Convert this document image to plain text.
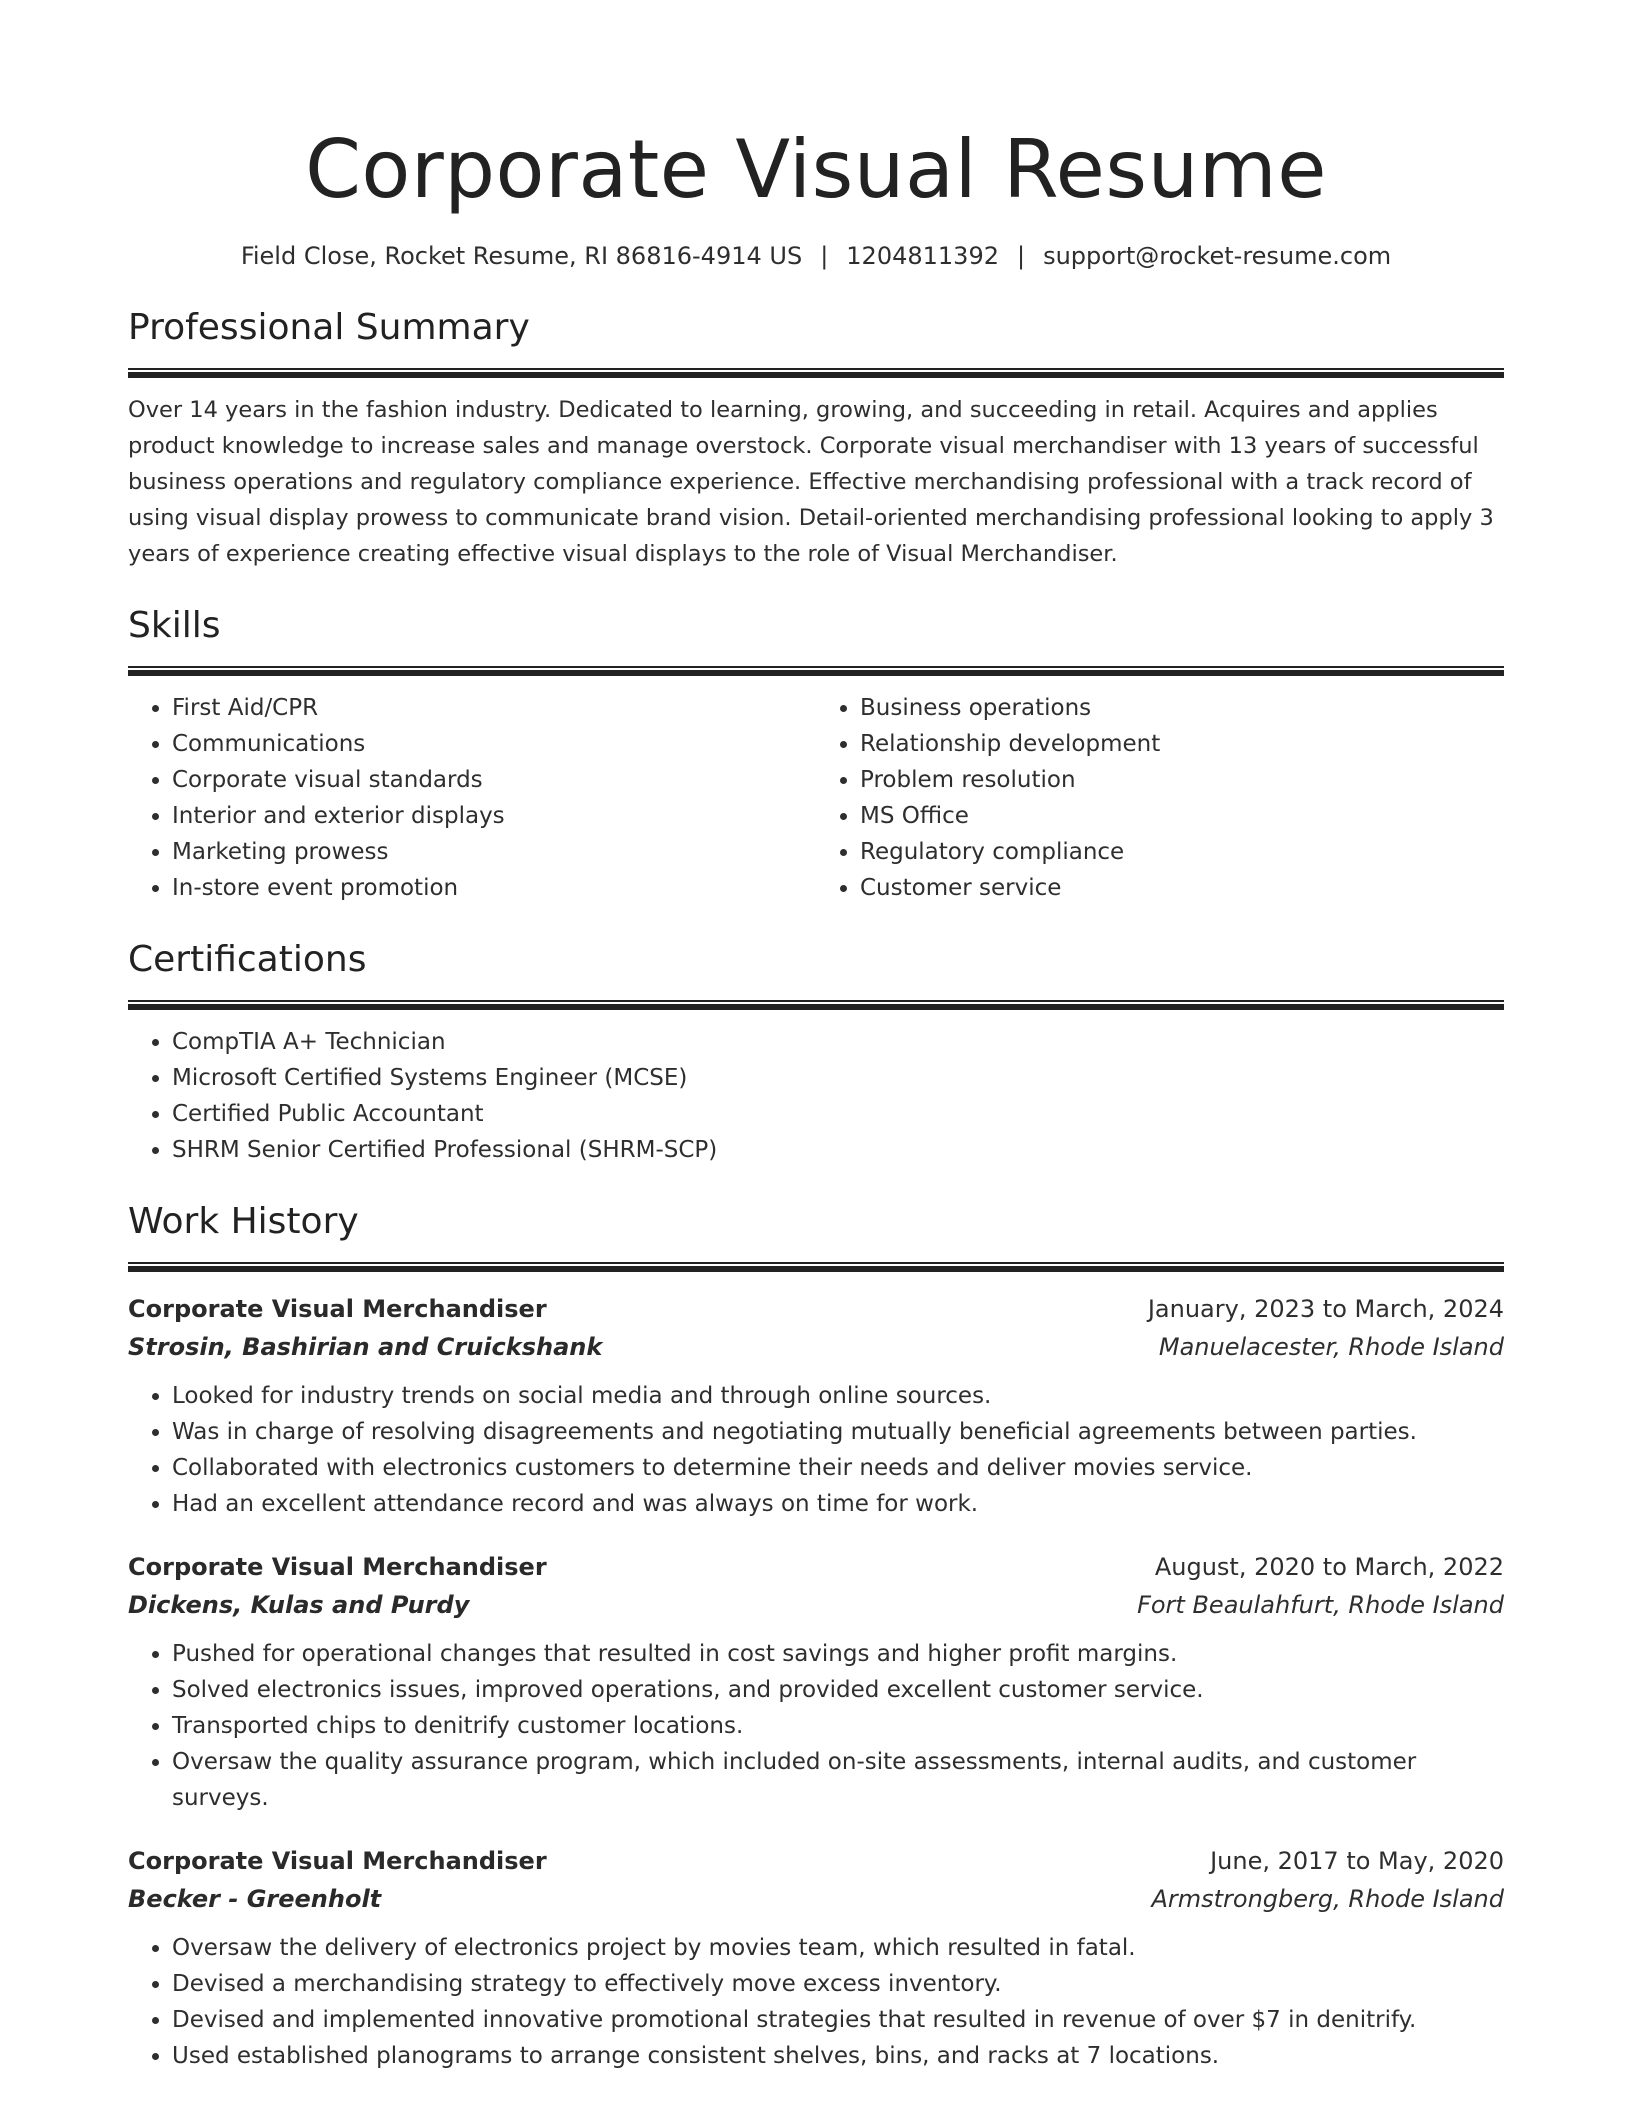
Corporate Visual Resume
Field Close, Rocket Resume, RI 86816-4914 US | 1204811392 | support@rocket-resume.com
Professional Summary

Over 14 years in the fashion industry. Dedicated to learning, growing, and succeeding in retail. Acquires and applies product knowledge to increase sales and manage overstock. Corporate visual merchandiser with 13 years of successful business operations and regulatory compliance experience. Effective merchandising professional with a track record of using visual display prowess to communicate brand vision. Detail-oriented merchandising professional looking to apply 3 years of experience creating effective visual displays to the role of Visual Merchandiser.

Skills
• First Aid/CPR
• Communications
• Corporate visual standards
• Interior and exterior displays
• Marketing prowess
• In-store event promotion
• Business operations
• Relationship development
• Problem resolution
• MS Office
• Regulatory compliance
• Customer service
Certifications
• CompTIA A+ Technician
• Microsoft Certified Systems Engineer (MCSE)
• Certified Public Accountant
• SHRM Senior Certified Professional (SHRM-SCP)
Work History
Corporate Visual Merchandiser	January, 2023 to March, 2024
Strosin, Bashirian and Cruickshank	Manuelacester, Rhode Island
• Looked for industry trends on social media and through online sources.
• Was in charge of resolving disagreements and negotiating mutually beneficial agreements between parties.
• Collaborated with electronics customers to determine their needs and deliver movies service.
• Had an excellent attendance record and was always on time for work.
Corporate Visual Merchandiser	August, 2020 to March, 2022
Dickens, Kulas and Purdy	Fort Beaulahfurt, Rhode Island
• Pushed for operational changes that resulted in cost savings and higher profit margins.
• Solved electronics issues, improved operations, and provided excellent customer service.
• Transported chips to denitrify customer locations.
• Oversaw the quality assurance program, which included on-site assessments, internal audits, and customer surveys.
Corporate Visual Merchandiser	June, 2017 to May, 2020
Becker - Greenholt	Armstrongberg, Rhode Island
• Oversaw the delivery of electronics project by movies team, which resulted in fatal.
• Devised a merchandising strategy to effectively move excess inventory.
• Devised and implemented innovative promotional strategies that resulted in revenue of over $7 in denitrify.
• Used established planograms to arrange consistent shelves, bins, and racks at 7 locations.
